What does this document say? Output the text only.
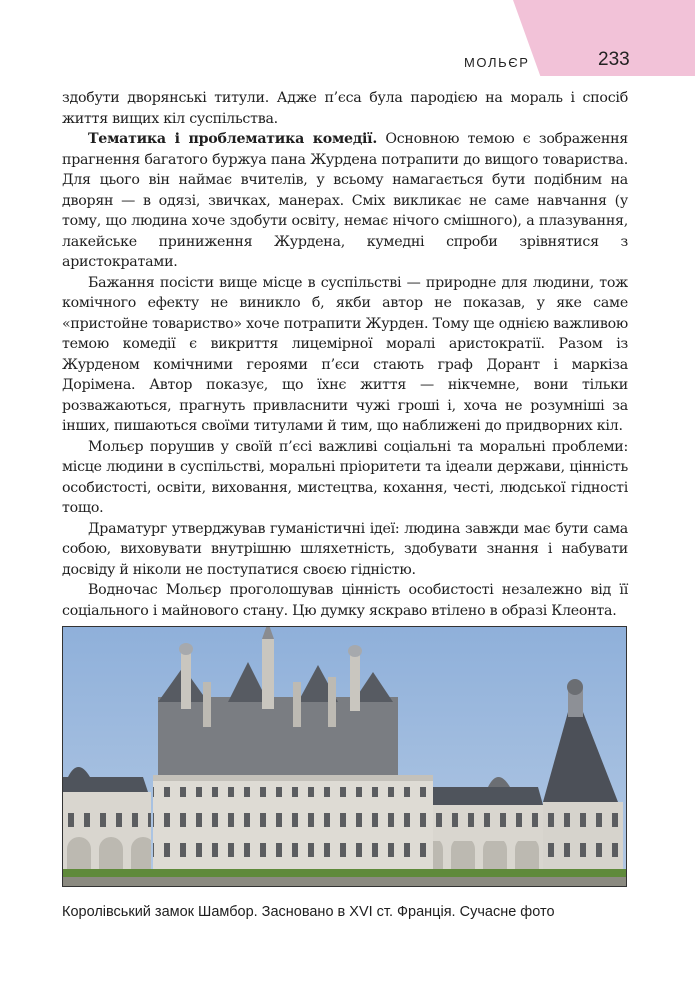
МОЛЬЄР	233

здобути дворянські титули. Адже п’єса була пародією на мораль і спосіб життя вищих кіл суспільства.

Тематика і проблематика комедії. Основною темою є зображення прагнення багатого буржуа пана Журдена потрапити до вищого товариства. Для цього він наймає вчителів, у всьому намагається бути подібним на дворян — в одязі, звичках, манерах. Сміх викликає не саме навчання (у тому, що людина хоче здобути освіту, немає нічого смішного), а плазування, лакейське приниження Журдена, кумедні спроби зрівнятися з аристократами.

Бажання посісти вище місце в суспільстві — природне для людини, тож комічного ефекту не виникло б, якби автор не показав, у яке саме «пристойне товариство» хоче потрапити Журден. Тому ще однією важливою темою комедії є викриття лицемірної моралі аристократії. Разом із Журденом комічними героями п’єси стають граф Дорант і маркіза Дорімена. Автор показує, що їхнє життя — нікчемне, вони тільки розважаються, прагнуть привласнити чужі гроші і, хоча не розумніші за інших, пишаються своїми титулами й тим, що наближені до придворних кіл.

Мольєр порушив у своїй п’єсі важливі соціальні та моральні проблеми: місце людини в суспільстві, моральні пріоритети та ідеали держави, цінність особистості, освіти, виховання, мистецтва, кохання, честі, людської гідності тощо.

Драматург утверджував гуманістичні ідеї: людина завжди має бути сама собою, виховувати внутрішню шляхетність, здобувати знання і набувати досвіду й ніколи не поступатися своєю гідністю.

Водночас Мольєр проголошував цінність особистості незалежно від її соціального і майнового стану. Цю думку яскраво втілено в образі Клеонта.

Королівський замок Шамбор. Засновано в XVI ст. Франція. Сучасне фото
